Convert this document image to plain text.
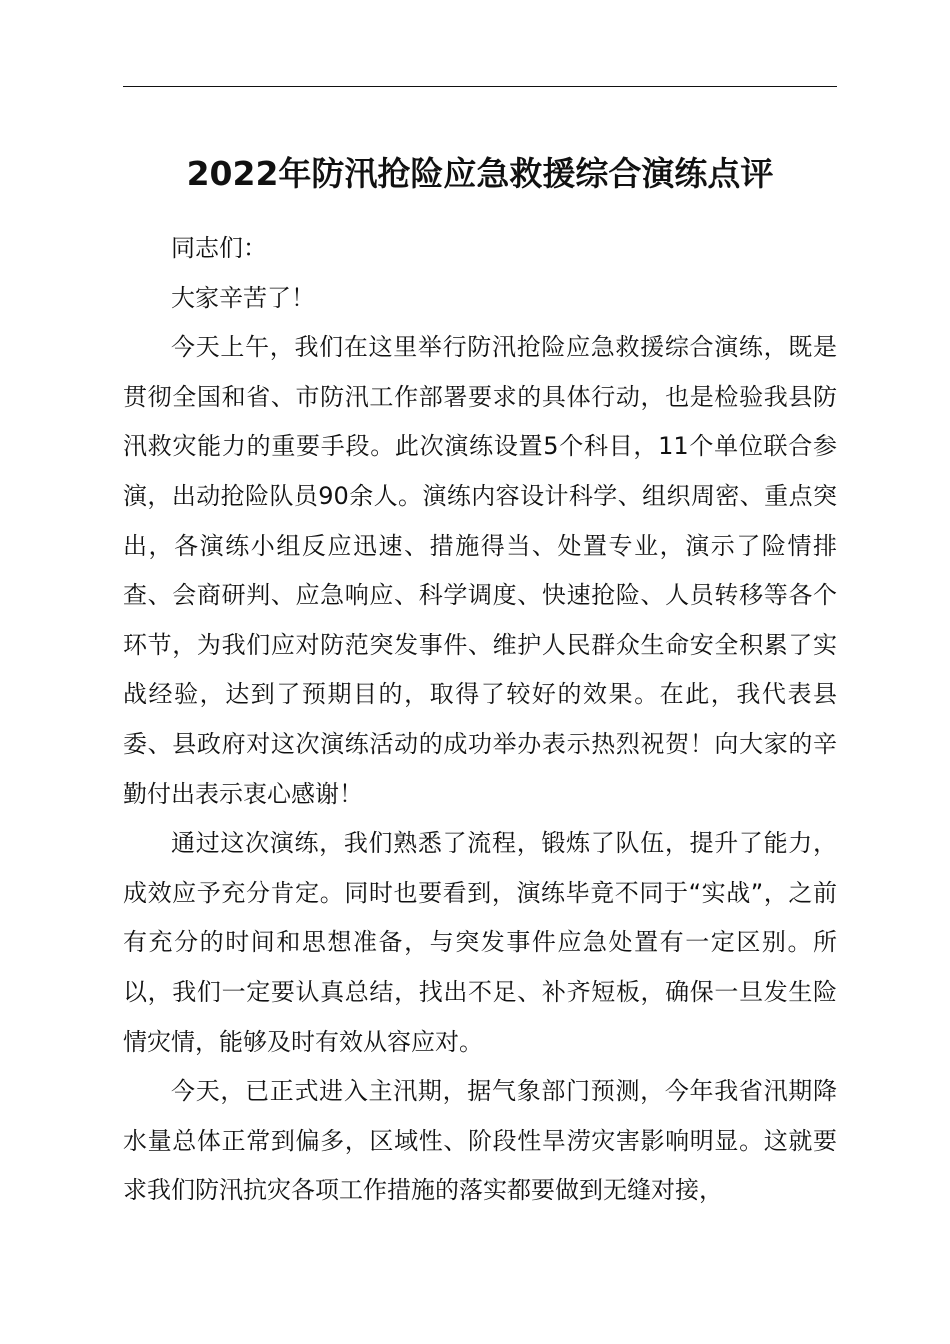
2022年防汛抢险应急救援综合演练点评

同志们：

大家辛苦了！

今天上午，我们在这里举行防汛抢险应急救援综合演练，既是贯彻全国和省、市防汛工作部署要求的具体行动，也是检验我县防汛救灾能力的重要手段。此次演练设置5个科目，11个单位联合参演，出动抢险队员90余人。演练内容设计科学、组织周密、重点突出，各演练小组反应迅速、措施得当、处置专业，演示了险情排查、会商研判、应急响应、科学调度、快速抢险、人员转移等各个环节，为我们应对防范突发事件、维护人民群众生命安全积累了实战经验，达到了预期目的，取得了较好的效果。在此，我代表县委、县政府对这次演练活动的成功举办表示热烈祝贺！向大家的辛勤付出表示衷心感谢！

通过这次演练，我们熟悉了流程，锻炼了队伍，提升了能力，成效应予充分肯定。同时也要看到，演练毕竟不同于“实战”，之前有充分的时间和思想准备，与突发事件应急处置有一定区别。所以，我们一定要认真总结，找出不足、补齐短板，确保一旦发生险情灾情，能够及时有效从容应对。

今天，已正式进入主汛期，据气象部门预测，今年我省汛期降水量总体正常到偏多，区域性、阶段性旱涝灾害影响明显。这就要求我们防汛抗灾各项工作措施的落实都要做到无缝对接，
